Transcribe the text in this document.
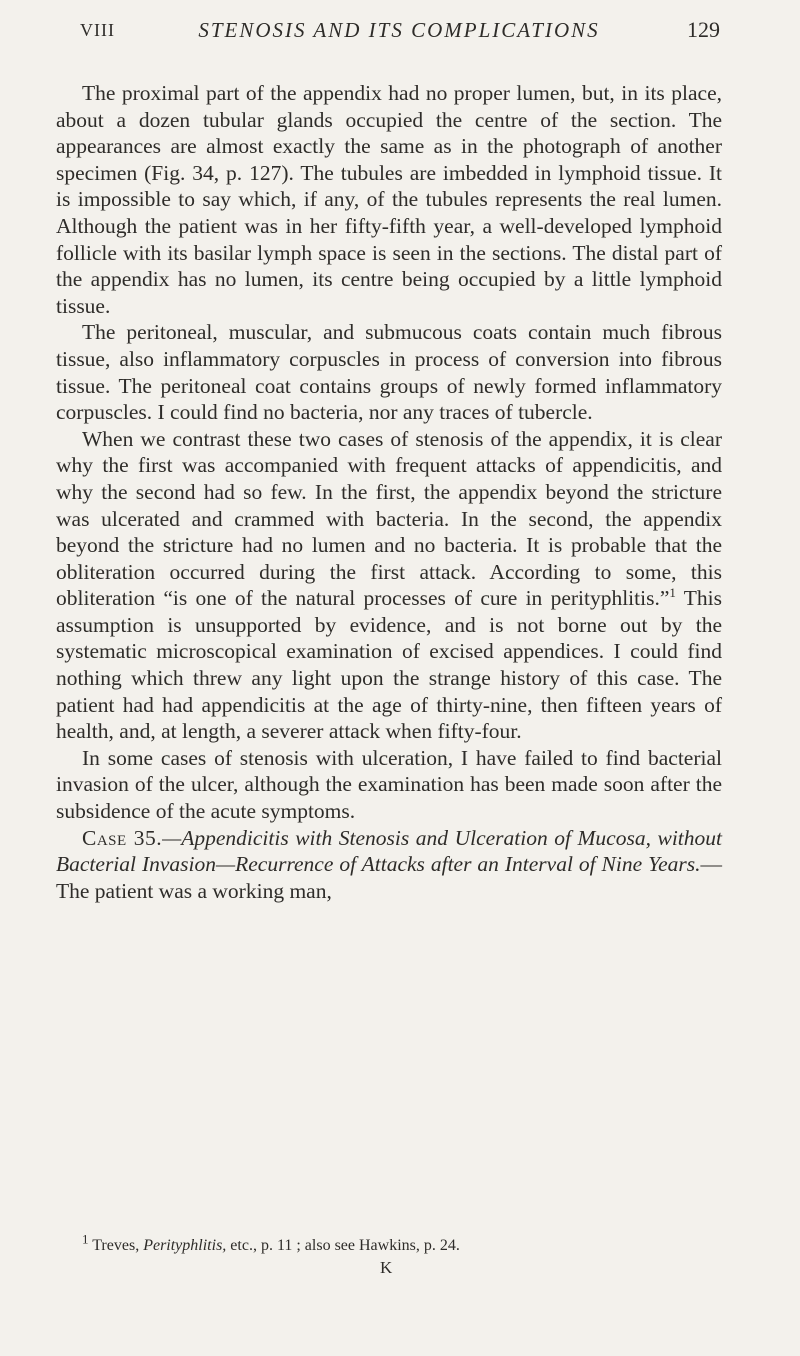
VIII	STENOSIS AND ITS COMPLICATIONS	129

The proximal part of the appendix had no proper lumen, but, in its place, about a dozen tubular glands occupied the centre of the section. The appearances are almost exactly the same as in the photograph of another specimen (Fig. 34, p. 127). The tubules are imbedded in lymphoid tissue. It is impossible to say which, if any, of the tubules represents the real lumen. Although the patient was in her fifty-fifth year, a well-developed lymphoid follicle with its basilar lymph space is seen in the sections. The distal part of the appendix has no lumen, its centre being occupied by a little lymphoid tissue.

The peritoneal, muscular, and submucous coats contain much fibrous tissue, also inflammatory corpuscles in process of conversion into fibrous tissue. The peritoneal coat contains groups of newly formed inflammatory corpuscles. I could find no bacteria, nor any traces of tubercle.

When we contrast these two cases of stenosis of the appendix, it is clear why the first was accompanied with frequent attacks of appendicitis, and why the second had so few. In the first, the appendix beyond the stricture was ulcerated and crammed with bacteria. In the second, the appendix beyond the stricture had no lumen and no bacteria. It is probable that the obliteration occurred during the first attack. According to some, this obliteration “is one of the natural processes of cure in perityphlitis.”$^1$ This assumption is unsupported by evidence, and is not borne out by the systematic microscopical examination of excised appendices. I could find nothing which threw any light upon the strange history of this case. The patient had had appendicitis at the age of thirty-nine, then fifteen years of health, and, at length, a severer attack when fifty-four.

In some cases of stenosis with ulceration, I have failed to find bacterial invasion of the ulcer, although the examination has been made soon after the subsidence of the acute symptoms.

Case 35.—Appendicitis with Stenosis and Ulceration of Mucosa, without Bacterial Invasion—Recurrence of Attacks after an Interval of Nine Years.—The patient was a working man,

$^1$ Treves, Perityphlitis, etc., p. 11 ; also see Hawkins, p. 24.
K
